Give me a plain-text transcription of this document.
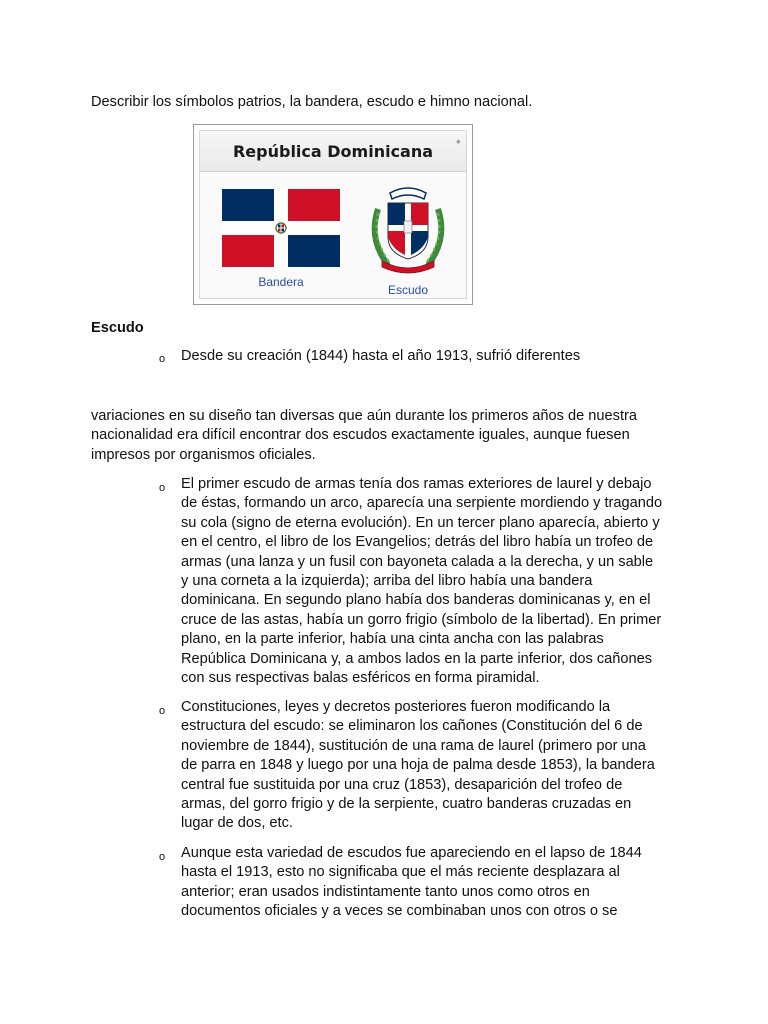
Describir los símbolos patrios, la bandera, escudo e himno nacional.

República Dominicana	✦
Bandera
Escudo

Escudo

o Desde su creación (1844) hasta el año 1913, sufrió diferentes

variaciones en su diseño tan diversas que aún durante los primeros años de nuestra
nacionalidad era difícil encontrar dos escudos exactamente iguales, aunque fuesen
impresos por organismos oficiales.

o El primer escudo de armas tenía dos ramas exteriores de laurel y debajo
de éstas, formando un arco, aparecía una serpiente mordiendo y tragando
su cola (signo de eterna evolución). En un tercer plano aparecía, abierto y
en el centro, el libro de los Evangelios; detrás del libro había un trofeo de
armas (una lanza y un fusil con bayoneta calada a la derecha, y un sable
y una corneta a la izquierda); arriba del libro había una bandera
dominicana. En segundo plano había dos banderas dominicanas y, en el
cruce de las astas, había un gorro frigio (símbolo de la libertad). En primer
plano, en la parte inferior, había una cinta ancha con las palabras
República Dominicana y, a ambos lados en la parte inferior, dos cañones
con sus respectivas balas esféricos en forma piramidal.

o Constituciones, leyes y decretos posteriores fueron modificando la
estructura del escudo: se eliminaron los cañones (Constitución del 6 de
noviembre de 1844), sustitución de una rama de laurel (primero por una
de parra en 1848 y luego por una hoja de palma desde 1853), la bandera
central fue sustituida por una cruz (1853), desaparición del trofeo de
armas, del gorro frigio y de la serpiente, cuatro banderas cruzadas en
lugar de dos, etc.

o Aunque esta variedad de escudos fue apareciendo en el lapso de 1844
hasta el 1913, esto no significaba que el más reciente desplazara al
anterior; eran usados indistintamente tanto unos como otros en
documentos oficiales y a veces se combinaban unos con otros o se
